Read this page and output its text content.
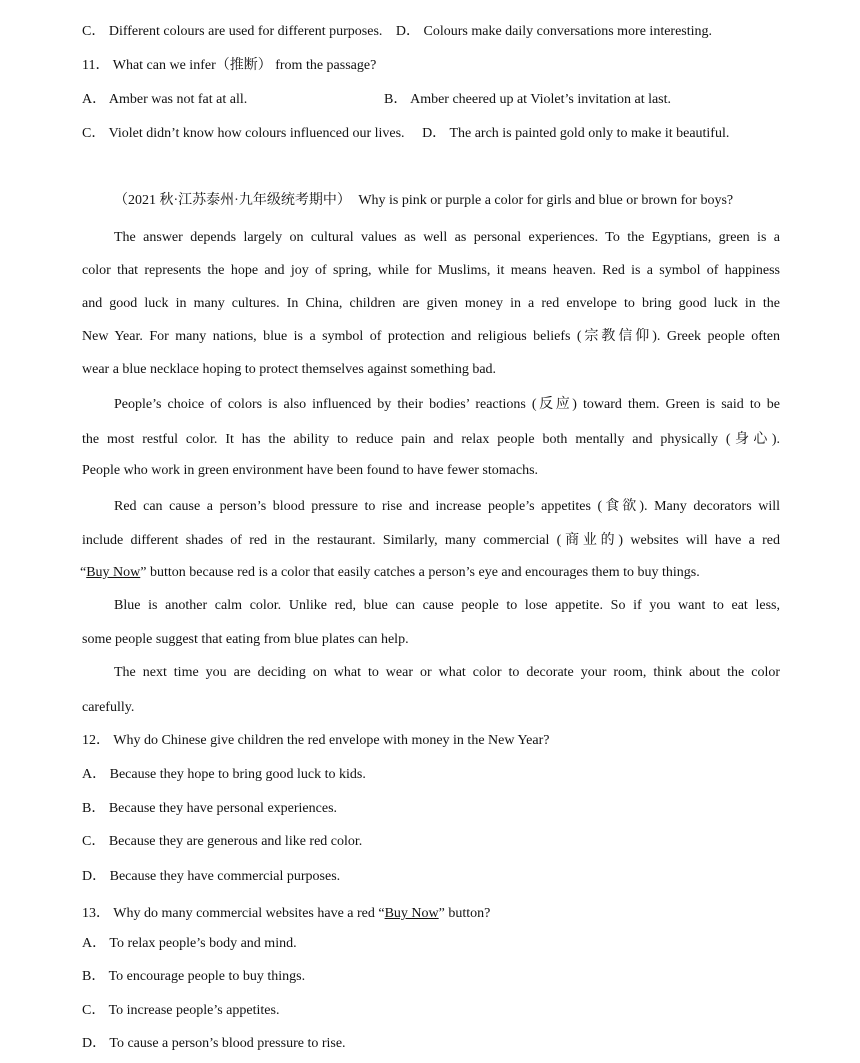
C． Different colours are used for different purposes. D． Colours make daily conversations more interesting.
11． What can we infer（推断） from the passage?
A． Amber was not fat at all.	B． Amber cheered up at Violet’s invitation at last.
C． Violet didn’t know how colours influenced our lives. D． The arch is painted gold only to make it beautiful.
（2021 秋·江苏泰州·九年级统考期中） Why is pink or purple a color for girls and blue or brown for boys?
The answer depends largely on cultural values as well as personal experiences. To the Egyptians, green is a
color that represents the hope and joy of spring, while for Muslims, it means heaven. Red is a symbol of happiness
and good luck in many cultures. In China, children are given money in a red envelope to bring good luck in the
New Year. For many nations, blue is a symbol of protection and religious beliefs (宗教信仰). Greek people often
wear a blue necklace hoping to protect themselves against something bad.
People’s choice of colors is also influenced by their bodies’ reactions (反应) toward them. Green is said to be
the most restful color. It has the ability to reduce pain and relax people both mentally and physically (身心).
People who work in green environment have been found to have fewer stomachs.
Red can cause a person’s blood pressure to rise and increase people’s appetites (食欲). Many decorators will
include different shades of red in the restaurant. Similarly, many commercial (商业的) websites will have a red
“Buy Now” button because red is a color that easily catches a person’s eye and encourages them to buy things.
Blue is another calm color. Unlike red, blue can cause people to lose appetite. So if you want to eat less,
some people suggest that eating from blue plates can help.
The next time you are deciding on what to wear or what color to decorate your room, think about the color
carefully.
12． Why do Chinese give children the red envelope with money in the New Year?
A． Because they hope to bring good luck to kids.
B． Because they have personal experiences.
C． Because they are generous and like red color.
D． Because they have commercial purposes.
13． Why do many commercial websites have a red “Buy Now” button?
A． To relax people’s body and mind.
B． To encourage people to buy things.
C． To increase people’s appetites.
D． To cause a person’s blood pressure to rise.
